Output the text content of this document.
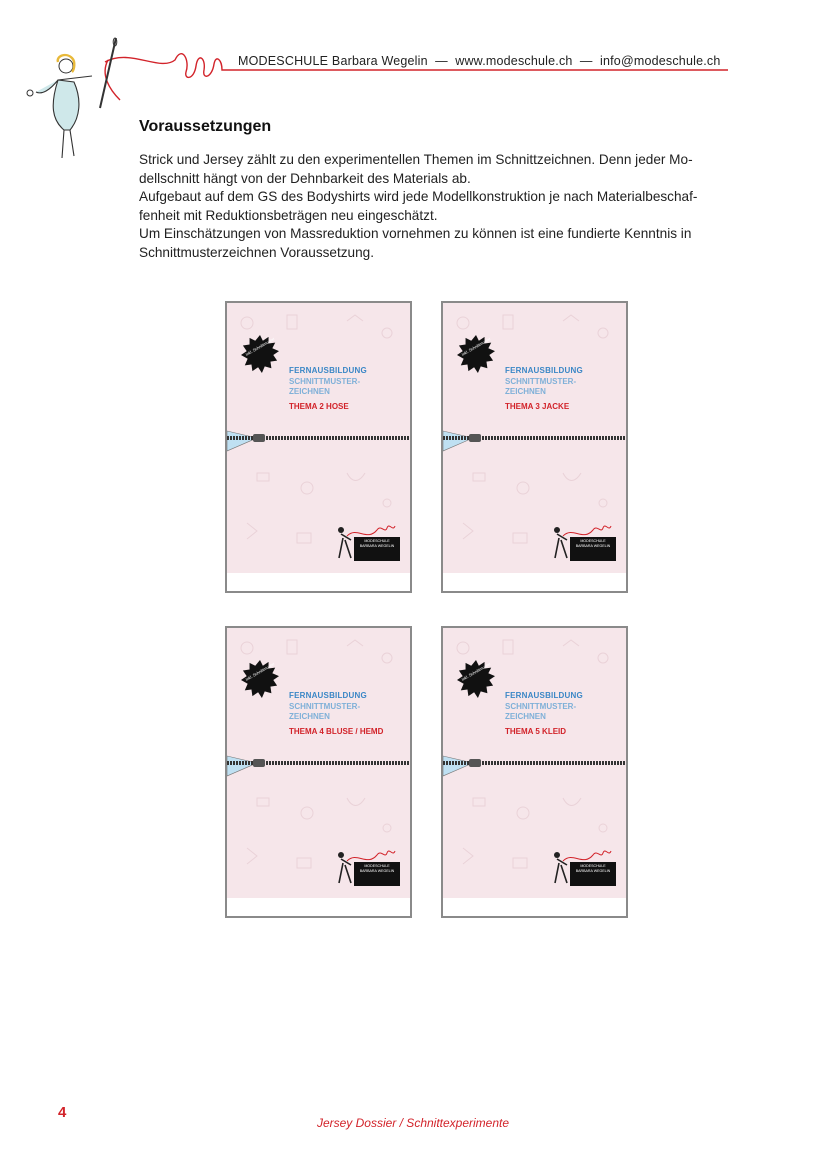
MODESCHULE Barbara Wegelin — www.modeschule.ch — info@modeschule.ch
Voraussetzungen

Strick und Jersey zählt zu den experimentellen Themen im Schnittzeichnen. Denn jeder Mo-dellschnitt hängt von der Dehnbarkeit des Materials ab.

Aufgebaut auf dem GS des Bodyshirts wird jede Modellkonstruktion je nach Materialbeschaf-fenheit mit Reduktionsbeträgen neu eingeschätzt.

Um Einschätzungen von Massreduktion vornehmen zu können ist eine fundierte Kenntnis in Schnittmusterzeichnen Voraussetzung.

inkl. Schnittmuster
FERNAUSBILDUNG
SCHNITTMUSTER-ZEICHNEN
THEMA 2 HOSE
MODESCHULE
BARBARA WEGELIN
inkl. Schnittmuster
FERNAUSBILDUNG
SCHNITTMUSTER-ZEICHNEN
THEMA 3 JACKE
MODESCHULE
BARBARA WEGELIN
inkl. Schnittmuster
FERNAUSBILDUNG
SCHNITTMUSTER-ZEICHNEN
THEMA 4 BLUSE / HEMD
MODESCHULE
BARBARA WEGELIN
inkl. Schnittmuster
FERNAUSBILDUNG
SCHNITTMUSTER-ZEICHNEN
THEMA 5 KLEID
MODESCHULE
BARBARA WEGELIN
4
Jersey Dossier / Schnittexperimente
